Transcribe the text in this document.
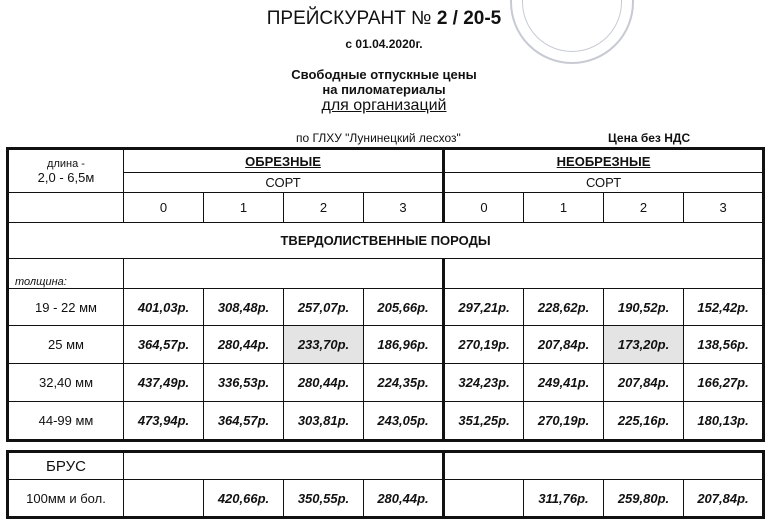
ПРЕЙСКУРАНТ № 2 / 20-5
с 01.04.2020г.
Свободные отпускные цены
на пиломатериалы
для организаций
по ГЛХУ "Лунинецкий лесхоз"	Цена без НДС
длина -
2,0 - 6,5м	ОБРЕЗНЫЕ				НЕОБРЕЗНЫЕ			
	СОРТ				СОРТ			
	0	1	2	3	0	1	2	3
ТВЕРДОЛИСТВЕННЫЕ ПОРОДЫ								
толщина:								
19 - 22 мм	401,03р.	308,48р.	257,07р.	205,66р.	297,21р.	228,62р.	190,52р.	152,42р.
25 мм	364,57р.	280,44р.	233,70р.	186,96р.	270,19р.	207,84р.	173,20р.	138,56р.
32,40 мм	437,49р.	336,53р.	280,44р.	224,35р.	324,23р.	249,41р.	207,84р.	166,27р.
44-99 мм	473,94р.	364,57р.	303,81р.	243,05р.	351,25р.	270,19р.	225,16р.	180,13р.
БРУС								
100мм и бол.		420,66р.	350,55р.	280,44р.		311,76р.	259,80р.	207,84р.
